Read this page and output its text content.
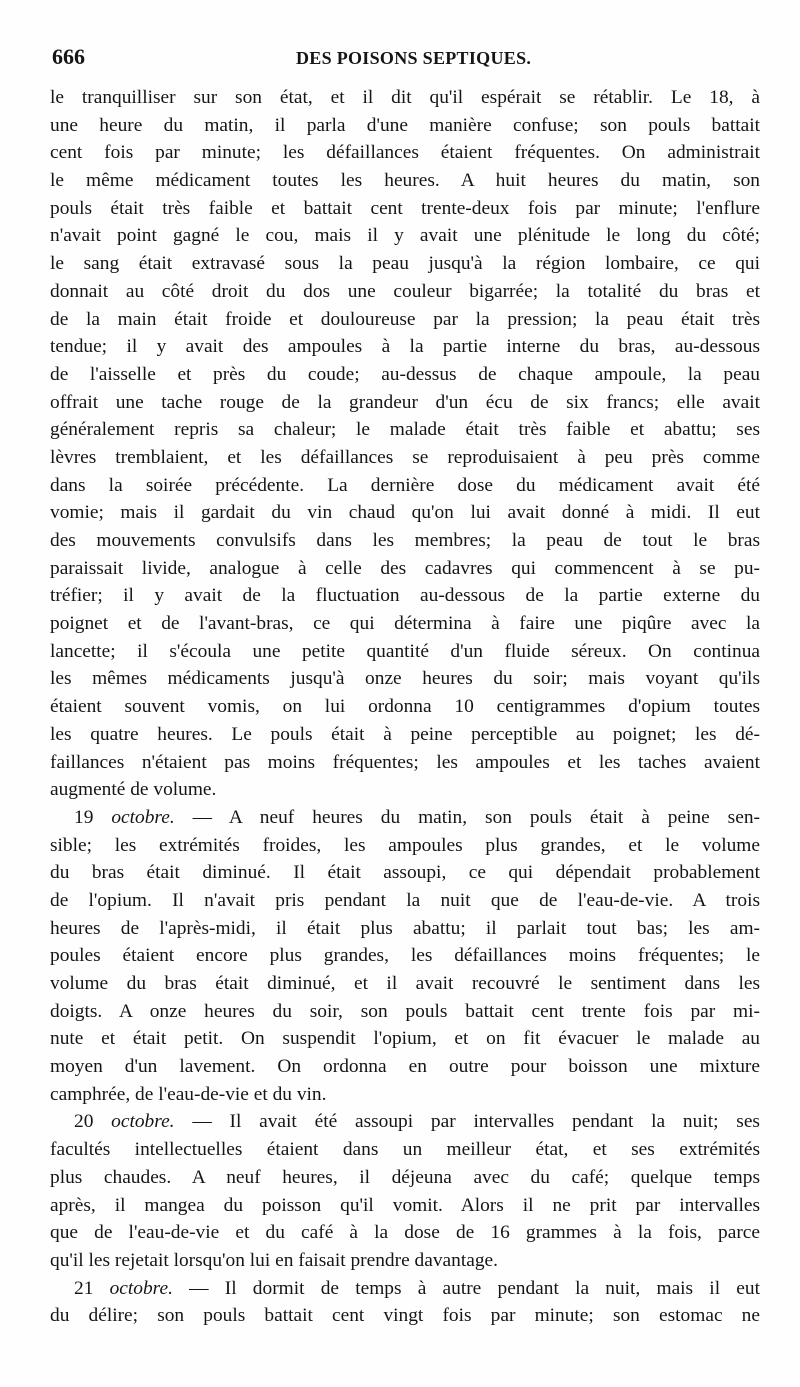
666	DES POISONS SEPTIQUES.
le tranquilliser sur son état, et il dit qu'il espérait se rétablir. Le 18, à
une heure du matin, il parla d'une manière confuse; son pouls battait
cent fois par minute; les défaillances étaient fréquentes. On administrait
le même médicament toutes les heures. A huit heures du matin, son
pouls était très faible et battait cent trente-deux fois par minute; l'enflure
n'avait point gagné le cou, mais il y avait une plénitude le long du côté;
le sang était extravasé sous la peau jusqu'à la région lombaire, ce qui
donnait au côté droit du dos une couleur bigarrée; la totalité du bras et
de la main était froide et douloureuse par la pression; la peau était très
tendue; il y avait des ampoules à la partie interne du bras, au-dessous
de l'aisselle et près du coude; au-dessus de chaque ampoule, la peau
offrait une tache rouge de la grandeur d'un écu de six francs; elle avait
généralement repris sa chaleur; le malade était très faible et abattu; ses
lèvres tremblaient, et les défaillances se reproduisaient à peu près comme
dans la soirée précédente. La dernière dose du médicament avait été
vomie; mais il gardait du vin chaud qu'on lui avait donné à midi. Il eut
des mouvements convulsifs dans les membres; la peau de tout le bras
paraissait livide, analogue à celle des cadavres qui commencent à se pu-
tréfier; il y avait de la fluctuation au-dessous de la partie externe du
poignet et de l'avant-bras, ce qui détermina à faire une piqûre avec la
lancette; il s'écoula une petite quantité d'un fluide séreux. On continua
les mêmes médicaments jusqu'à onze heures du soir; mais voyant qu'ils
étaient souvent vomis, on lui ordonna 10 centigrammes d'opium toutes
les quatre heures. Le pouls était à peine perceptible au poignet; les dé-
faillances n'étaient pas moins fréquentes; les ampoules et les taches avaient
augmenté de volume.
19 octobre. — A neuf heures du matin, son pouls était à peine sen-
sible; les extrémités froides, les ampoules plus grandes, et le volume
du bras était diminué. Il était assoupi, ce qui dépendait probablement
de l'opium. Il n'avait pris pendant la nuit que de l'eau-de-vie. A trois
heures de l'après-midi, il était plus abattu; il parlait tout bas; les am-
poules étaient encore plus grandes, les défaillances moins fréquentes; le
volume du bras était diminué, et il avait recouvré le sentiment dans les
doigts. A onze heures du soir, son pouls battait cent trente fois par mi-
nute et était petit. On suspendit l'opium, et on fit évacuer le malade au
moyen d'un lavement. On ordonna en outre pour boisson une mixture
camphrée, de l'eau-de-vie et du vin.
20 octobre. — Il avait été assoupi par intervalles pendant la nuit; ses
facultés intellectuelles étaient dans un meilleur état, et ses extrémités
plus chaudes. A neuf heures, il déjeuna avec du café; quelque temps
après, il mangea du poisson qu'il vomit. Alors il ne prit par intervalles
que de l'eau-de-vie et du café à la dose de 16 grammes à la fois, parce
qu'il les rejetait lorsqu'on lui en faisait prendre davantage.
21 octobre. — Il dormit de temps à autre pendant la nuit, mais il eut
du délire; son pouls battait cent vingt fois par minute; son estomac ne
